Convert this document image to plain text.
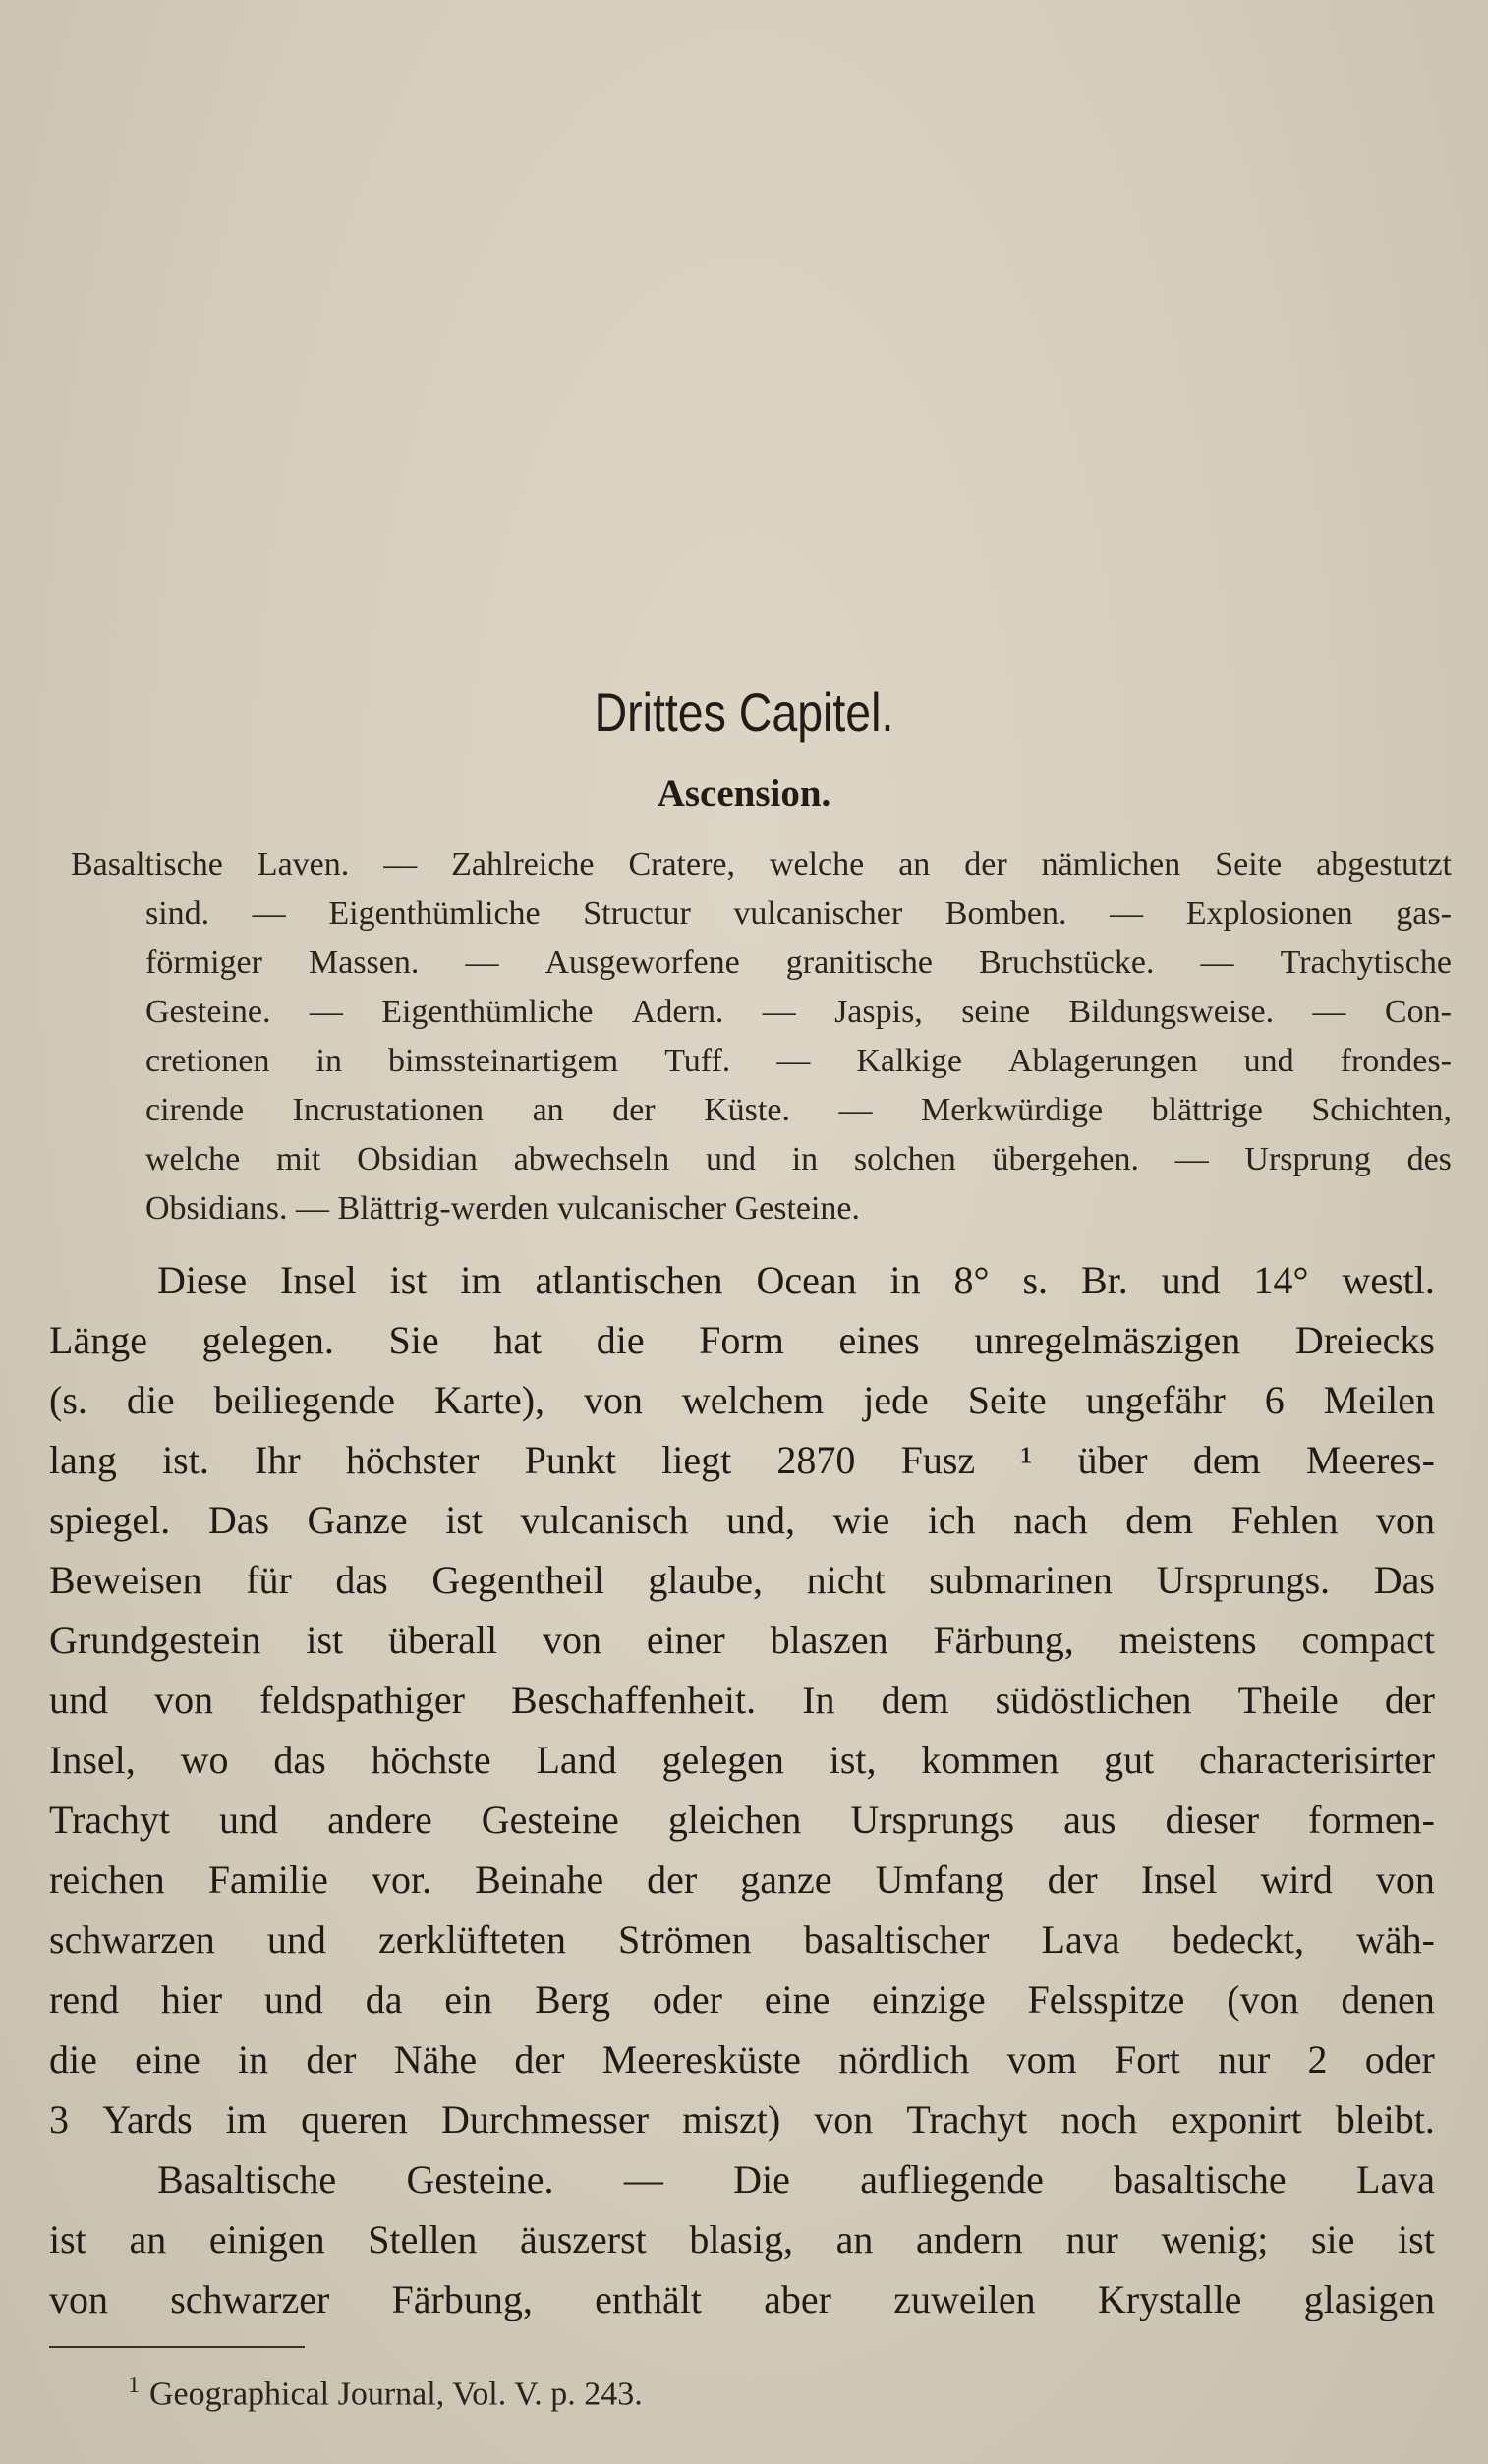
Drittes Capitel.
Ascension.
Basaltische Laven. — Zahlreiche Cratere, welche an der nämlichen Seite abgestutzt
sind. — Eigenthümliche Structur vulcanischer Bomben. — Explosionen gas-
förmiger Massen. — Ausgeworfene granitische Bruchstücke. — Trachytische
Gesteine. — Eigenthümliche Adern. — Jaspis, seine Bildungsweise. — Con-
cretionen in bimssteinartigem Tuff. — Kalkige Ablagerungen und frondes-
cirende Incrustationen an der Küste. — Merkwürdige blättrige Schichten,
welche mit Obsidian abwechseln und in solchen übergehen. — Ursprung des
Obsidians. — Blättrig-werden vulcanischer Gesteine.
Diese Insel ist im atlantischen Ocean in 8° s. Br. und 14° westl.
Länge gelegen. Sie hat die Form eines unregelmäszigen Dreiecks
(s. die beiliegende Karte), von welchem jede Seite ungefähr 6 Meilen
lang ist. Ihr höchster Punkt liegt 2870 Fusz ¹ über dem Meeres-
spiegel. Das Ganze ist vulcanisch und, wie ich nach dem Fehlen von
Beweisen für das Gegentheil glaube, nicht submarinen Ursprungs. Das
Grundgestein ist überall von einer blaszen Färbung, meistens compact
und von feldspathiger Beschaffenheit. In dem südöstlichen Theile der
Insel, wo das höchste Land gelegen ist, kommen gut characterisirter
Trachyt und andere Gesteine gleichen Ursprungs aus dieser formen-
reichen Familie vor. Beinahe der ganze Umfang der Insel wird von
schwarzen und zerklüfteten Strömen basaltischer Lava bedeckt, wäh-
rend hier und da ein Berg oder eine einzige Felsspitze (von denen
die eine in der Nähe der Meeresküste nördlich vom Fort nur 2 oder
3 Yards im queren Durchmesser miszt) von Trachyt noch exponirt bleibt.
Basaltische Gesteine. — Die aufliegende basaltische Lava
ist an einigen Stellen äuszerst blasig, an andern nur wenig; sie ist
von schwarzer Färbung, enthält aber zuweilen Krystalle glasigen
$^1$ Geographical Journal, Vol. V. p. 243.
